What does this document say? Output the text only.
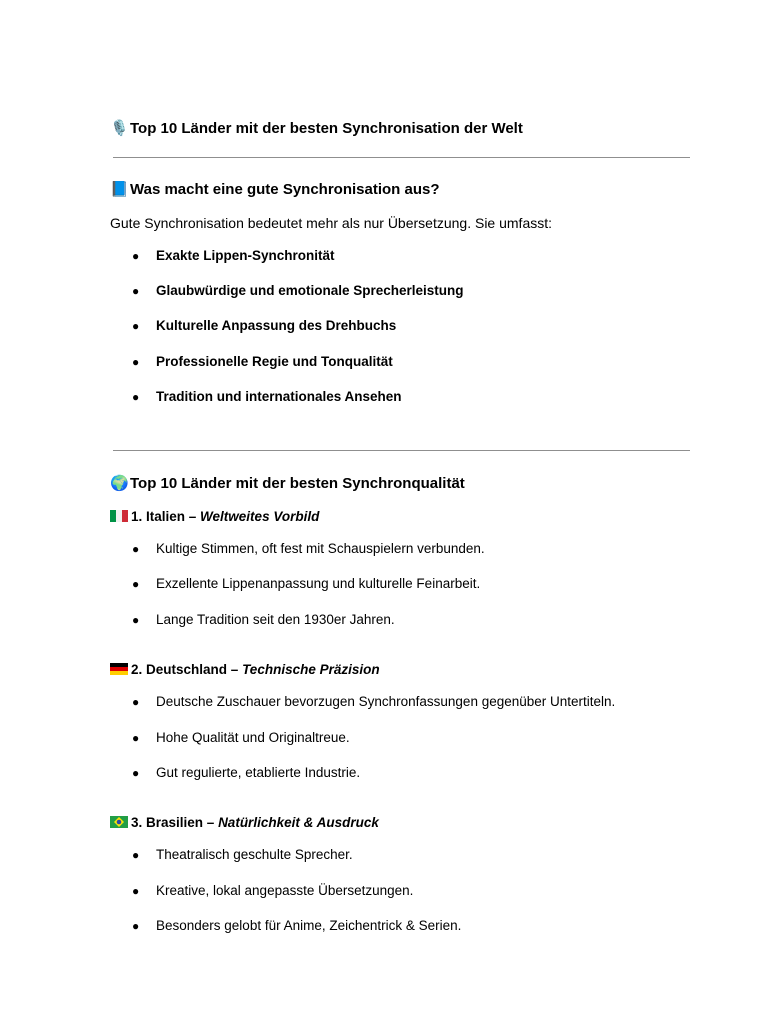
🎙️Top 10 Länder mit der besten Synchronisation der Welt
📘Was macht eine gute Synchronisation aus?
Gute Synchronisation bedeutet mehr als nur Übersetzung. Sie umfasst:
● Exakte Lippen-Synchronität
● Glaubwürdige und emotionale Sprecherleistung
● Kulturelle Anpassung des Drehbuchs
● Professionelle Regie und Tonqualität
● Tradition und internationales Ansehen
🌍Top 10 Länder mit der besten Synchronqualität
1. Italien – Weltweites Vorbild
● Kultige Stimmen, oft fest mit Schauspielern verbunden.
● Exzellente Lippenanpassung und kulturelle Feinarbeit.
● Lange Tradition seit den 1930er Jahren.
2. Deutschland – Technische Präzision
● Deutsche Zuschauer bevorzugen Synchronfassungen gegenüber Untertiteln.
● Hohe Qualität und Originaltreue.
● Gut regulierte, etablierte Industrie.
3. Brasilien – Natürlichkeit & Ausdruck
● Theatralisch geschulte Sprecher.
● Kreative, lokal angepasste Übersetzungen.
● Besonders gelobt für Anime, Zeichentrick & Serien.
